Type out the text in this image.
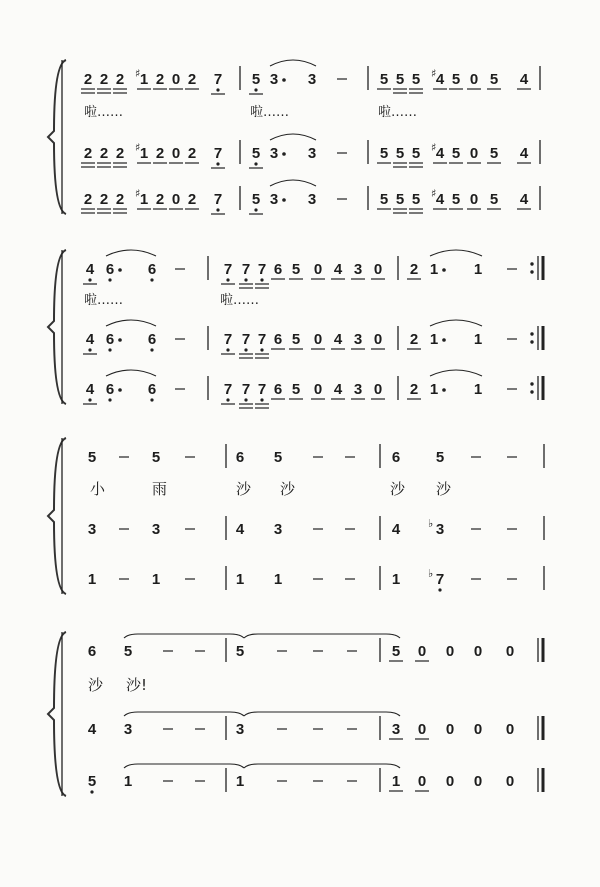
啦……	啦……	啦……
2 2 2 ♯ 1 2 0 2 7 5 3 3	5 5 5 ♯ 4 5 0 5 4
2 2 2 ♯ 1 2 0 2 7 5 3 3	5 5 5 ♯ 4 5 0 5 4
2 2 2 ♯ 1 2 0 2 7 5 3 3	5 5 5 ♯ 4 5 0 5 4
啦……	啦……
4 6 6	7 7 7 6 5 0 4 3 0 2 1 1
4 6 6	7 7 7 6 5 0 4 3 0 2 1 1
4 6 6	7 7 7 6 5 0 4 3 0 2 1 1
小	雨	沙 沙	沙 沙
5	5	6 5	6 5
3	3	4 3	4	♭ 3
1	1	1 1	1	♭ 7
沙 沙!
6 5	5	5 0 0 0 0
4 3	3	3 0 0 0 0
5 1	1	1 0 0 0 0
